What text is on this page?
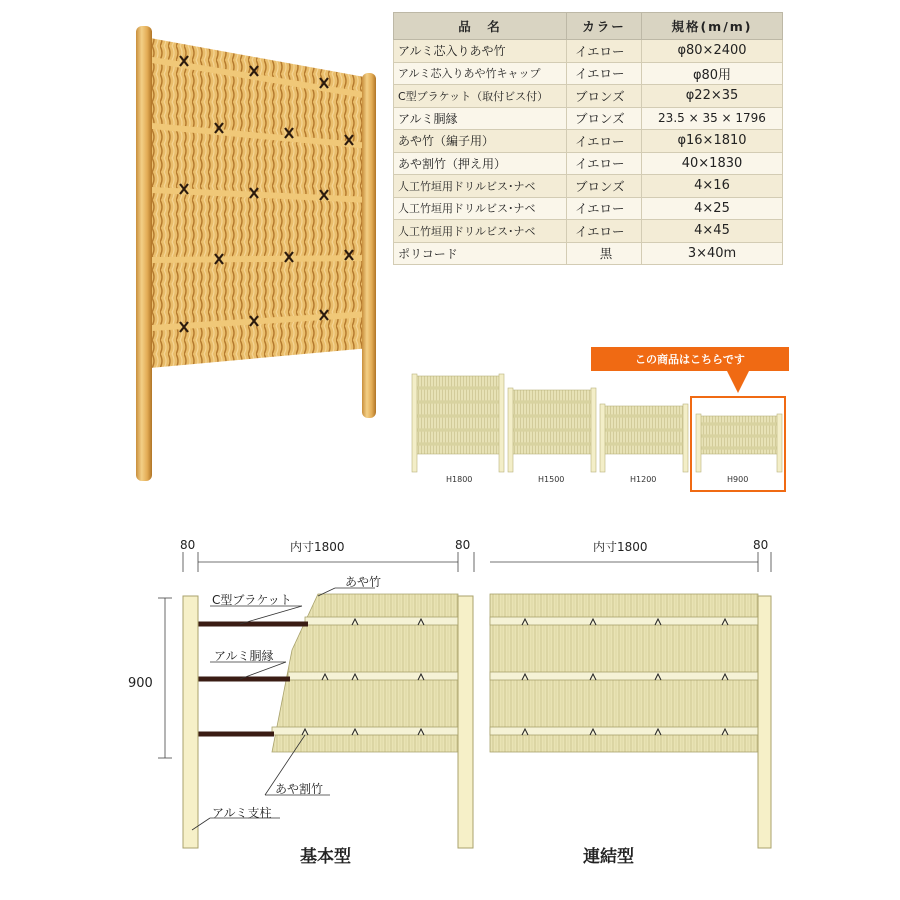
品　名	カラー	規格(m/m)
アルミ芯入りあや竹	イエロー	φ80×2400
アルミ芯入りあや竹キャップ	イエロー	φ80用
C型ブラケット（取付ビス付）	ブロンズ	φ22×35
アルミ胴縁	ブロンズ	23.5 × 35 × 1796
あや竹（編子用）	イエロー	φ16×1810
あや割竹（押え用）	イエロー	40×1830
人工竹垣用ドリルビス･ナベ	ブロンズ	4×16
人工竹垣用ドリルビス･ナベ	イエロー	4×25
人工竹垣用ドリルビス･ナベ	イエロー	4×45
ポリコード	黒	3×40m
この商品はこちらです
H1800	H1500	H1200	H900
80	内寸1800	80	内寸1800	80
900
あや竹
C型ブラケット
アルミ胴縁
あや割竹
アルミ支柱
基本型	連結型
